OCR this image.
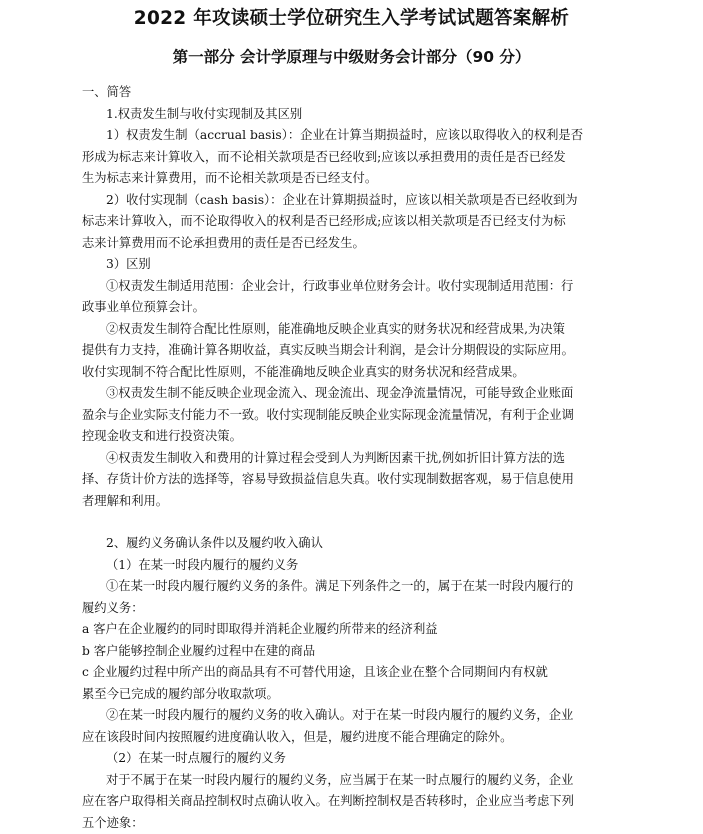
2022 年攻读硕士学位研究生入学考试试题答案解析
第一部分 会计学原理与中级财务会计部分（90 分）

一、简答

1.权责发生制与收付实现制及其区别

1）权责发生制（accrual basis）：企业在计算当期损益时，应该以取得收入的权利是否

形成为标志来计算收入，而不论相关款项是否已经收到;应该以承担费用的责任是否已经发

生为标志来计算费用，而不论相关款项是否已经支付。

2）收付实现制（cash basis）：企业在计算期损益时，应该以相关款项是否已经收到为

标志来计算收入，而不论取得收入的权利是否已经形成;应该以相关款项是否已经支付为标

志来计算费用而不论承担费用的责任是否已经发生。

3）区别

①权责发生制适用范围：企业会计，行政事业单位财务会计。收付实现制适用范围：行

政事业单位预算会计。

②权责发生制符合配比性原则，能准确地反映企业真实的财务状况和经营成果,为决策

提供有力支持，准确计算各期收益，真实反映当期会计利润，是会计分期假设的实际应用。

收付实现制不符合配比性原则，不能准确地反映企业真实的财务状况和经营成果。

③权责发生制不能反映企业现金流入、现金流出、现金净流量情况，可能导致企业账面

盈余与企业实际支付能力不一致。收付实现制能反映企业实际现金流量情况，有利于企业调

控现金收支和进行投资决策。

④权责发生制收入和费用的计算过程会受到人为判断因素干扰,例如折旧计算方法的选

择、存货计价方法的选择等，容易导致损益信息失真。收付实现制数据客观，易于信息使用

者理解和利用。

2、履约义务确认条件以及履约收入确认

（1）在某一时段内履行的履约义务

①在某一时段内履行履约义务的条件。满足下列条件之一的，属于在某一时段内履行的

履约义务：

a 客户在企业履约的同时即取得并消耗企业履约所带来的经济利益

b 客户能够控制企业履约过程中在建的商品

c 企业履约过程中所产出的商品具有不可替代用途，且该企业在整个合同期间内有权就

累至今已完成的履约部分收取款项。

②在某一时段内履行的履约义务的收入确认。对于在某一时段内履行的履约义务，企业

应在该段时间内按照履约进度确认收入，但是，履约进度不能合理确定的除外。

（2）在某一时点履行的履约义务

对于不属于在某一时段内履行的履约义务，应当属于在某一时点履行的履约义务，企业

应在客户取得相关商品控制权时点确认收入。在判断控制权是否转移时，企业应当考虑下列

五个迹象：
